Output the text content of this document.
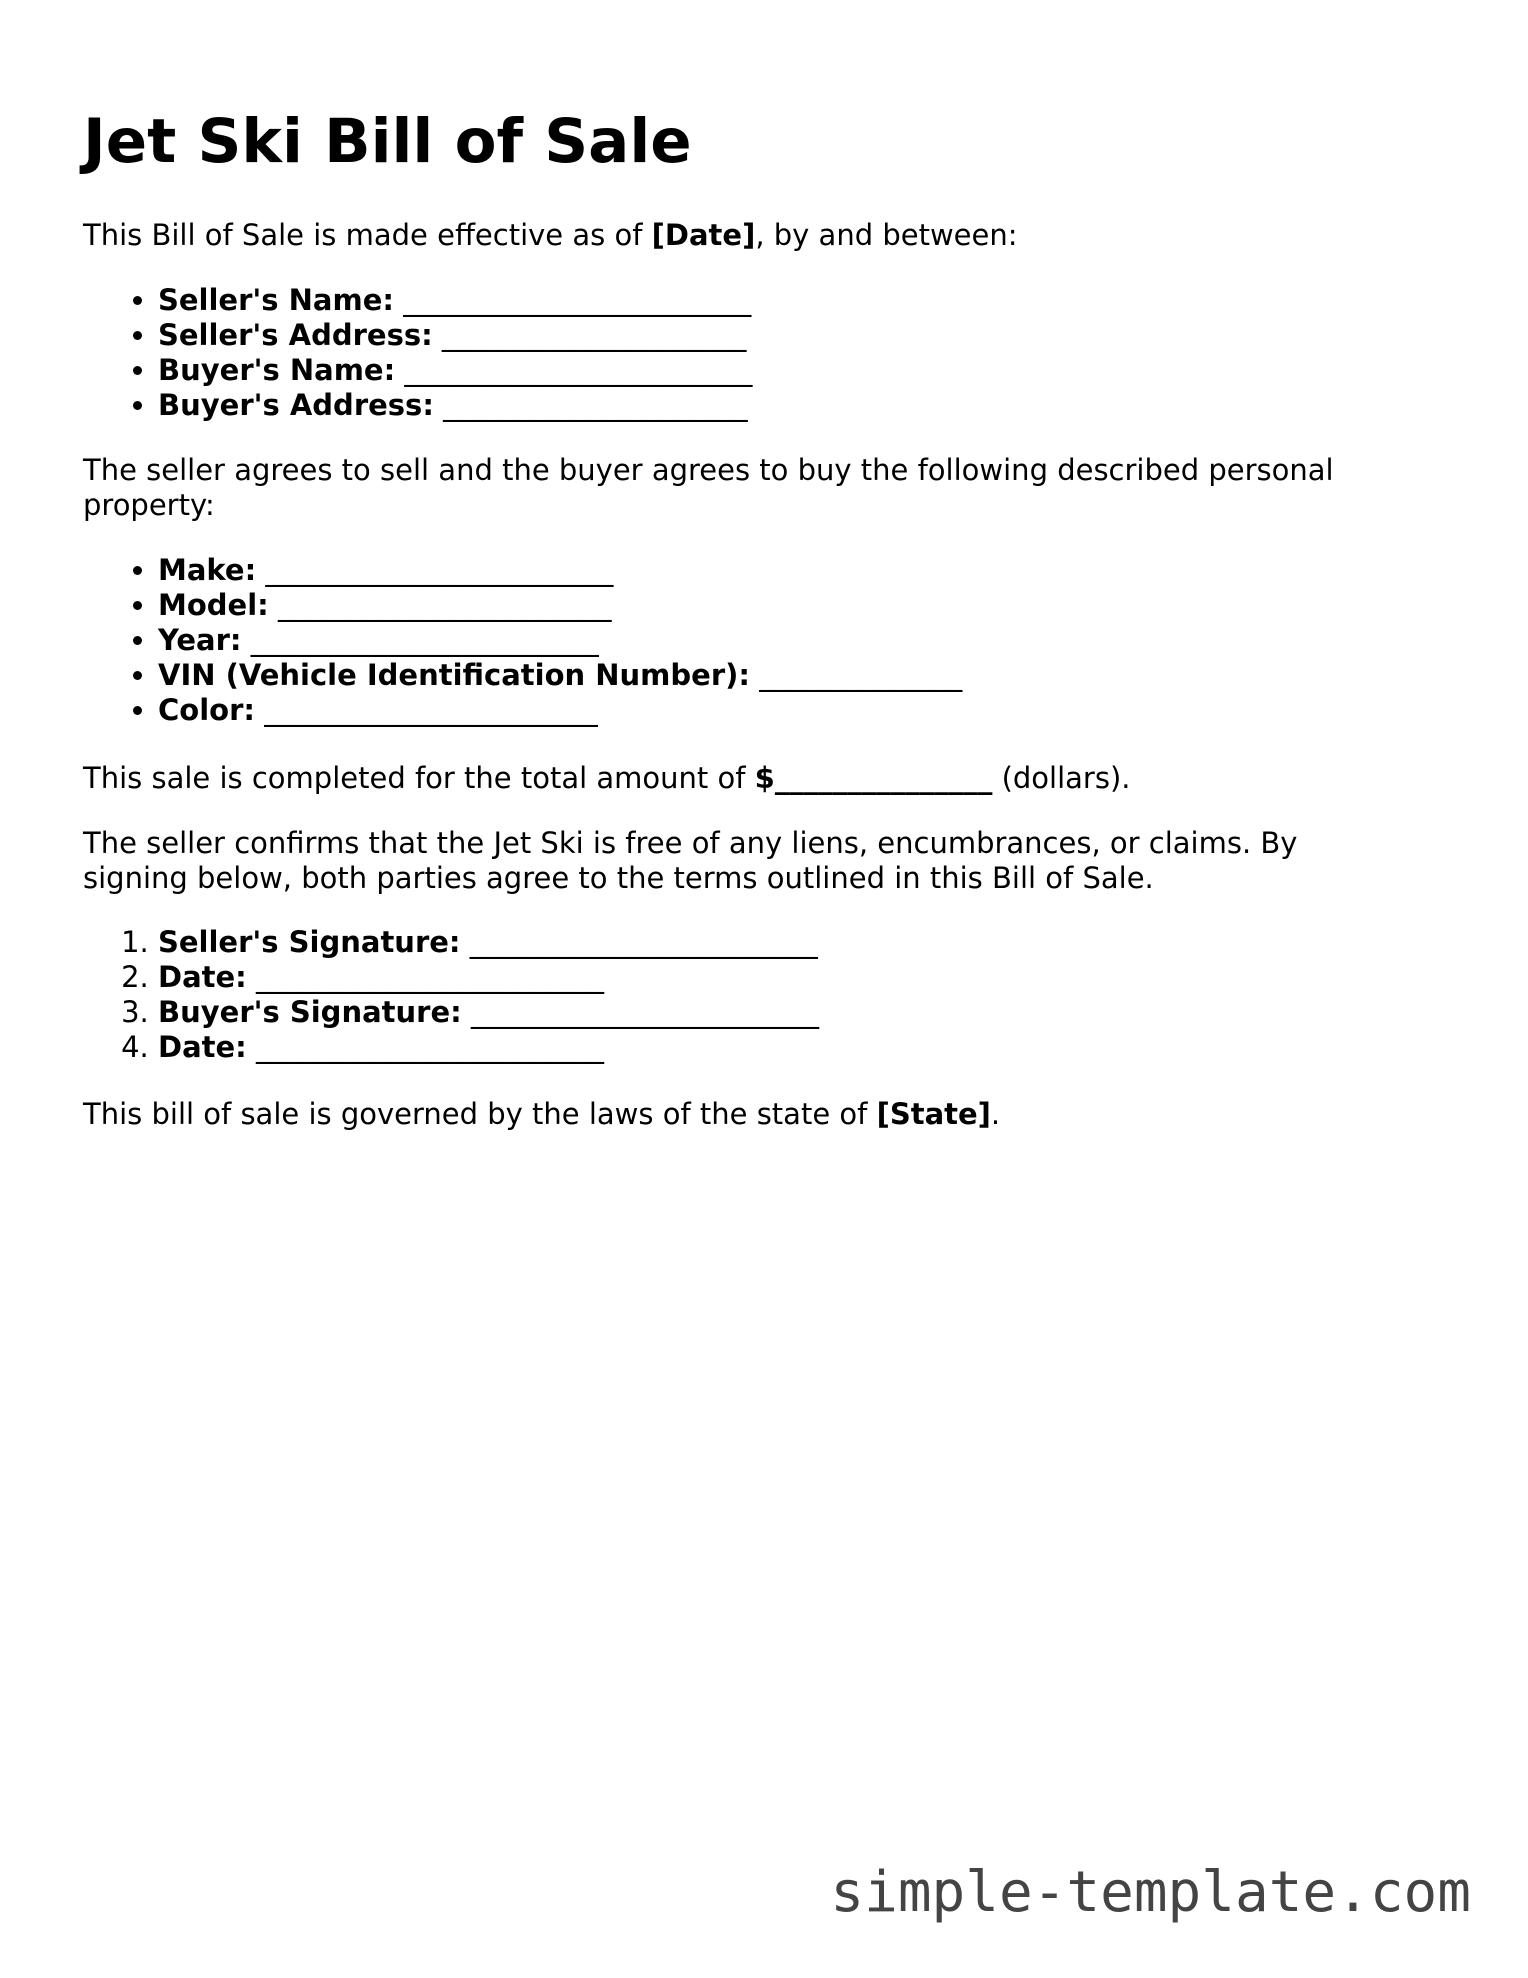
Jet Ski Bill of Sale

This Bill of Sale is made effective as of [Date], by and between:

• Seller's Name: ________________________
• Seller's Address: _____________________
• Buyer's Name: ________________________
• Buyer's Address: _____________________

The seller agrees to sell and the buyer agrees to buy the following described personal property:

• Make: ________________________
• Model: _______________________
• Year: ________________________
• VIN (Vehicle Identification Number): ______________
• Color: _______________________

This sale is completed for the total amount of $_______________ (dollars).

The seller confirms that the Jet Ski is free of any liens, encumbrances, or claims. By signing below, both parties agree to the terms outlined in this Bill of Sale.

1. Seller's Signature: ________________________
2. Date: ________________________
3. Buyer's Signature: ________________________
4. Date: ________________________

This bill of sale is governed by the laws of the state of [State].

simple-template.com
